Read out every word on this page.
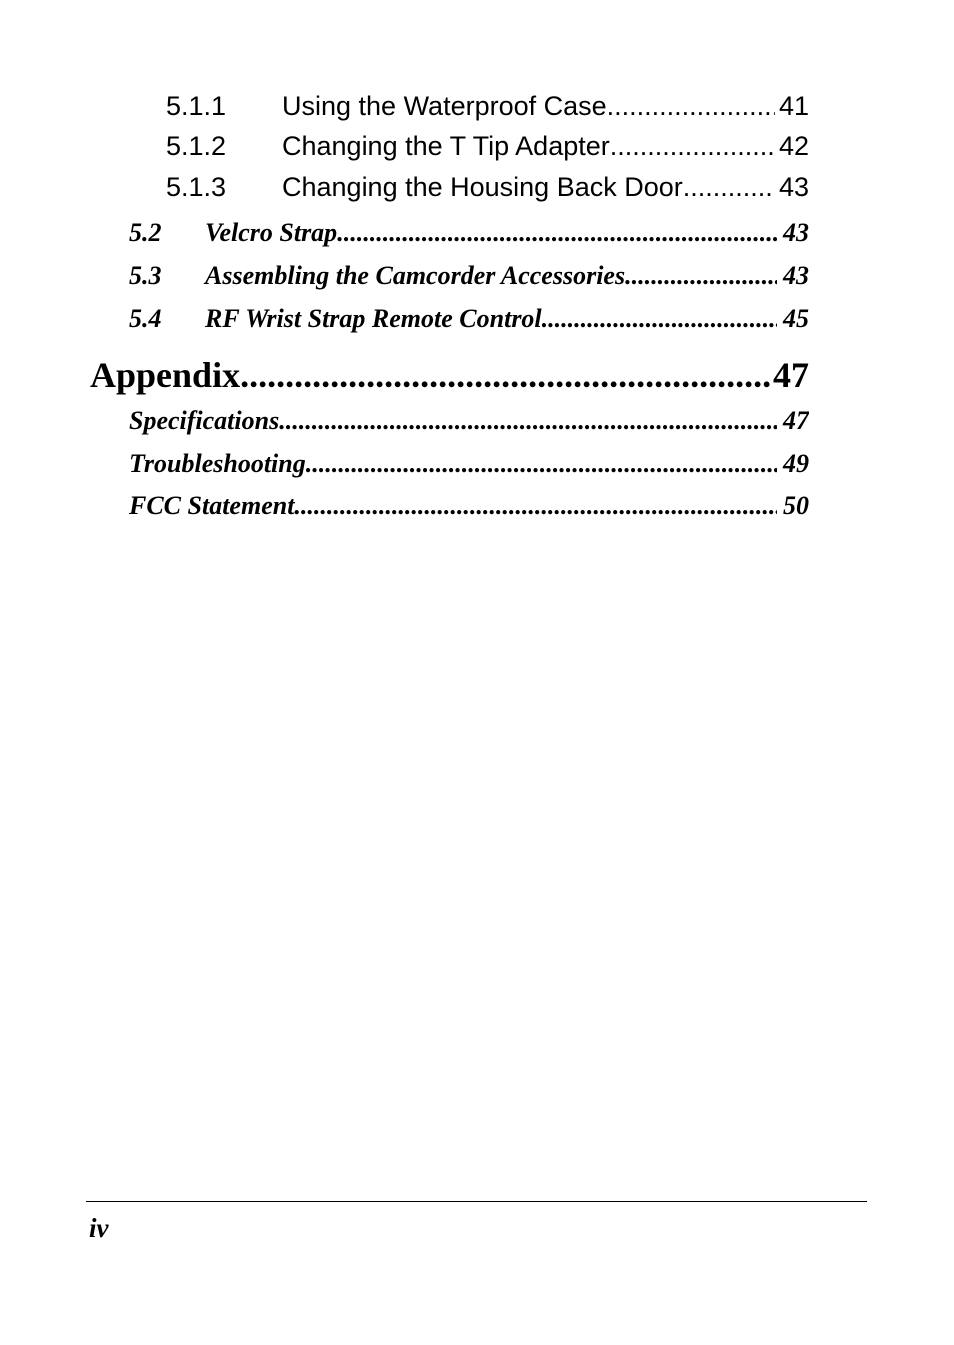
5.1.1	Using the Waterproof Case .....	41
5.1.2	Changing the T Tip Adapter .....	42
5.1.3	Changing the Housing Back Door .....	43
5.2	Velcro Strap .....	43
5.3	Assembling the Camcorder Accessories .....	43
5.4	RF Wrist Strap Remote Control .....	45
Appendix .....	47
Specifications .....	47
Troubleshooting .....	49
FCC Statement .....	50
iv
